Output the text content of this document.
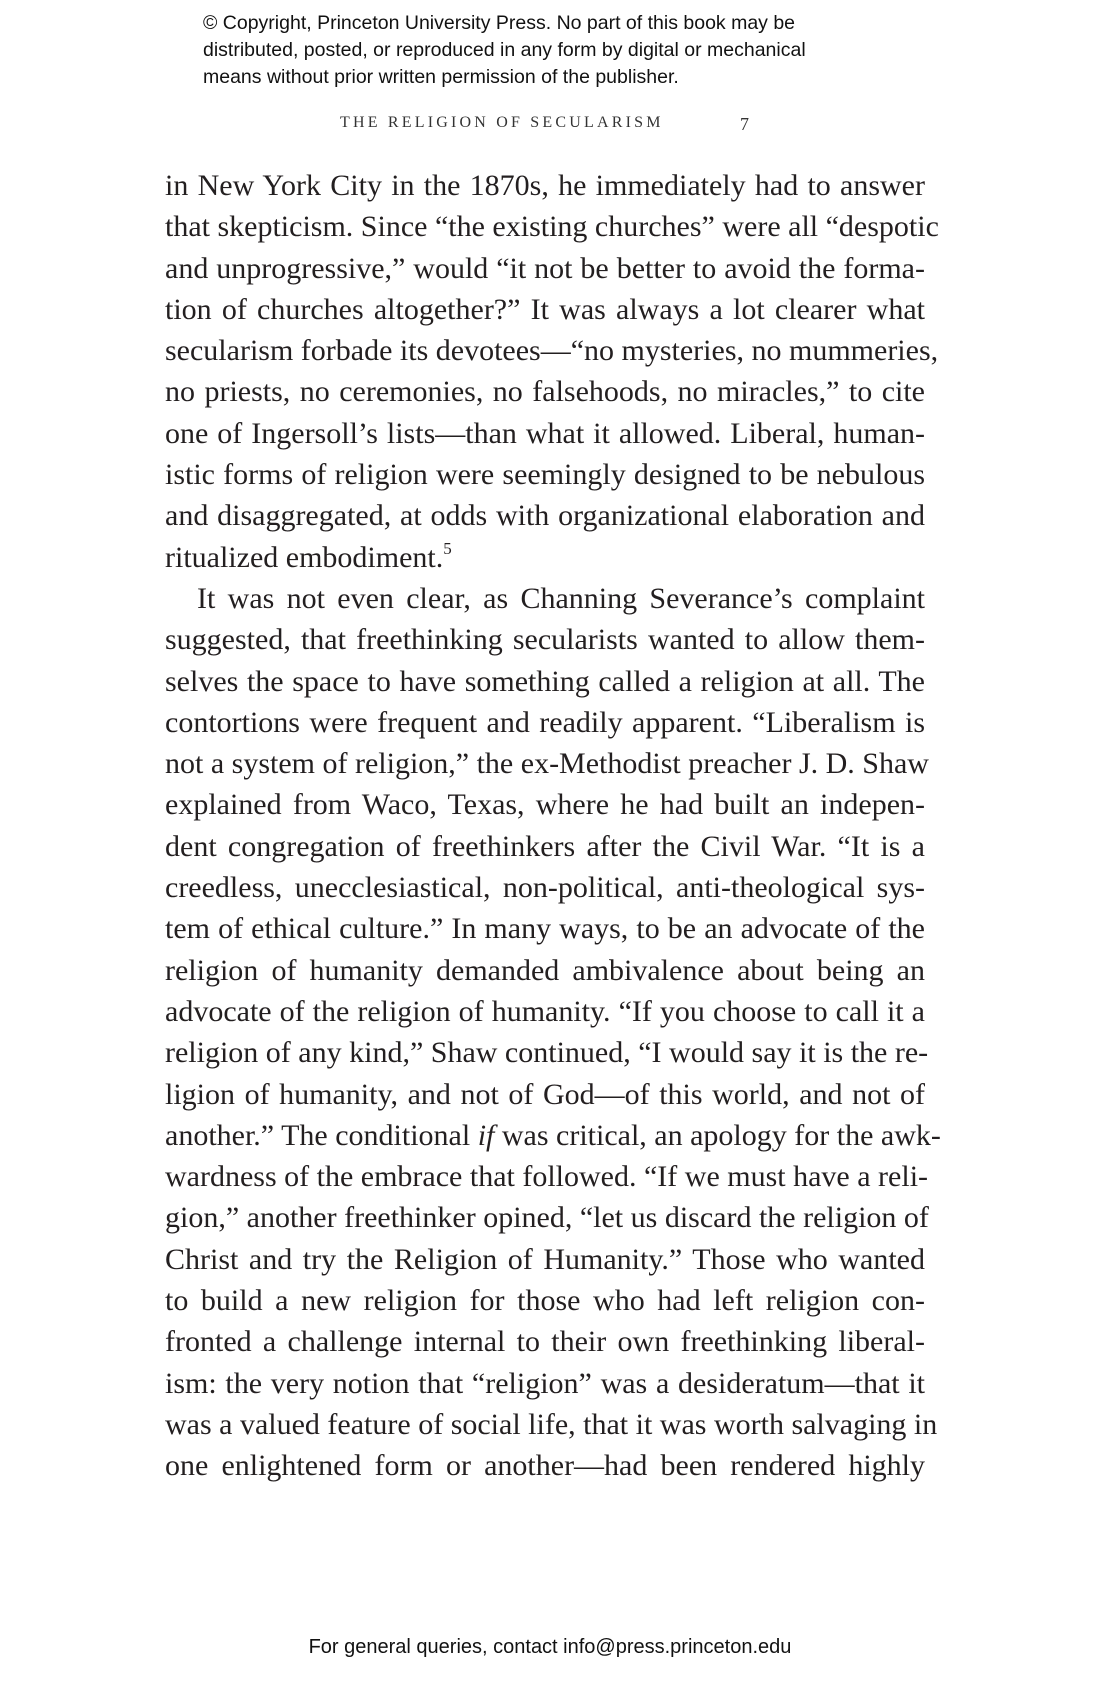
© Copyright, Princeton University Press. No part of this book may be
distributed, posted, or reproduced in any form by digital or mechanical
means without prior written permission of the publisher.
THE RELIGION OF SECULARISM	7
in New York City in the 1870s, he immediately had to answer
that skepticism. Since “the existing churches” were all “despotic
and unprogressive,” would “it not be better to avoid the forma-
tion of churches altogether?” It was always a lot clearer what
secularism forbade its devotees—“no mysteries, no mummeries,
no priests, no ceremonies, no falsehoods, no miracles,” to cite
one of Ingersoll’s lists—than what it allowed. Liberal, human-
istic forms of religion were seemingly designed to be nebulous
and disaggregated, at odds with organizational elaboration and
ritualized embodiment.$^5$
It was not even clear, as Channing Severance’s complaint
suggested, that freethinking secularists wanted to allow them-
selves the space to have something called a religion at all. The
contortions were frequent and readily apparent. “Liberalism is
not a system of religion,” the ex-Methodist preacher J. D. Shaw
explained from Waco, Texas, where he had built an indepen-
dent congregation of freethinkers after the Civil War. “It is a
creedless, unecclesiastical, non-political, anti-theological sys-
tem of ethical culture.” In many ways, to be an advocate of the
religion of humanity demanded ambivalence about being an
advocate of the religion of humanity. “If you choose to call it a
religion of any kind,” Shaw continued, “I would say it is the re-
ligion of humanity, and not of God—of this world, and not of
another.” The conditional if was critical, an apology for the awk-
wardness of the embrace that followed. “If we must have a reli-
gion,” another freethinker opined, “let us discard the religion of
Christ and try the Religion of Humanity.” Those who wanted
to build a new religion for those who had left religion con-
fronted a challenge internal to their own freethinking liberal-
ism: the very notion that “religion” was a desideratum—that it
was a valued feature of social life, that it was worth salvaging in
one enlightened form or another—had been rendered highly
For general queries, contact info@press.princeton.edu
